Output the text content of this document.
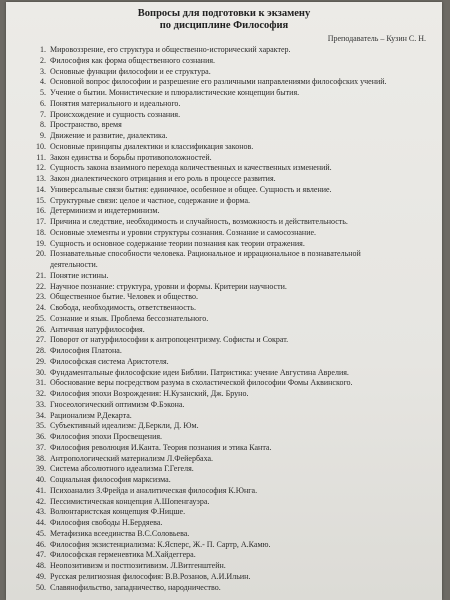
Вопросы для подготовки к экзамену
по дисциплине Философия
Преподаватель – Кузин С. Н.
1. Мировоззрение, его структура и общественно-исторический характер.
2. Философия как форма общественного сознания.
3. Основные функции философии и ее структура.
4. Основной вопрос философии и разрешение его различными направлениями философских учений.
5. Учение о бытии. Монистические и плюралистические концепции бытия.
6. Понятия материального и идеального.
7. Происхождение и сущность сознания.
8. Пространство, время
9. Движение и развитие, диалектика.
10. Основные принципы диалектики и классификация законов.
11. Закон единства и борьбы противоположностей.
12. Сущность закона взаимного перехода количественных и качественных изменений.
13. Закон диалектического отрицания и его роль в процессе развития.
14. Универсальные связи бытия: единичное, особенное и общее. Сущность и явление.
15. Структурные связи: целое и частное, содержание и форма.
16. Детерминизм и индетерминизм.
17. Причина и следствие, необходимость и случайность, возможность и действительность.
18. Основные элементы и уровни структуры сознания. Сознание и самосознание.
19. Сущность и основное содержание теории познания как теории отражения.
20. Познавательные способности человека. Рациональное и иррациональное в познавательной
деятельности.
21. Понятие истины.
22. Научное познание: структура, уровни и формы. Критерии научности.
23. Общественное бытие. Человек и общество.
24. Свобода, необходимость, ответственность.
25. Сознание и язык. Проблема бессознательного.
26. Античная натурфилософия.
27. Поворот от натурфилософии к антропоцентризму. Софисты и Сократ.
28. Философия Платона.
29. Философская система Аристотеля.
30. Фундаментальные философские идеи Библии. Патристика: учение Августина Аврелия.
31. Обоснование веры посредством разума в схоластической философии Фомы Аквинского.
32. Философия эпохи Возрождения: Н.Кузанский, Дж. Бруно.
33. Гносеологический оптимизм Ф.Бэкона.
34. Рационализм Р.Декарта.
35. Субъективный идеализм: Д.Беркли, Д. Юм.
36. Философия эпохи Просвещения.
37. Философия революция И.Канта. Теория познания и этика Канта.
38. Антропологический материализм Л.Фейербаха.
39. Система абсолютного идеализма Г.Гегеля.
40. Социальная философия марксизма.
41. Психоанализ З.Фрейда и аналитическая философия К.Юнга.
42. Пессимистическая концепция А.Шопенгауэра.
43. Волюнтаристская концепция Ф.Ницше.
44. Философия свободы Н.Бердяева.
45. Метафизика всеединства В.С.Соловьева.
46. Философия экзистенциализма: К.Ясперс, Ж.- П. Сартр, А.Камю.
47. Философская герменевтика М.Хайдеггера.
48. Неопозитивизм и постпозитивизм. Л.Витгенштейн.
49. Русская религиозная философия: В.В.Розанов, А.И.Ильин.
50. Славянофильство, западничество, народничество.
